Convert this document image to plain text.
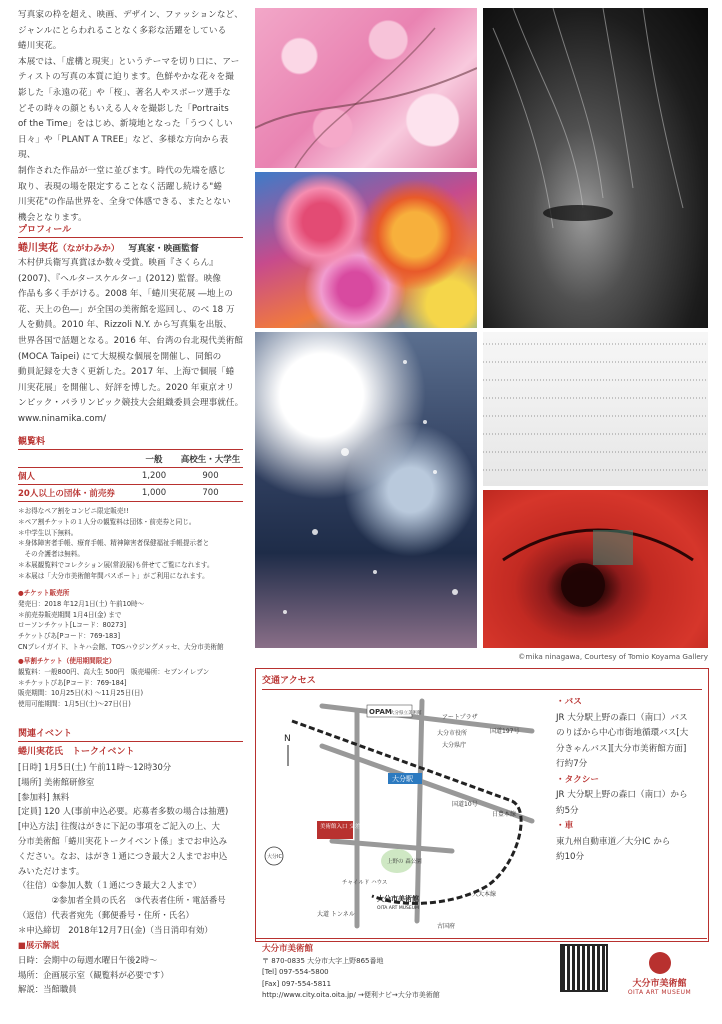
写真家の枠を超え、映画、デザイン、ファッションなど、
ジャンルにとらわれることなく多彩な活躍をしている
蜷川実花。
本展では、「虚構と現実」というテーマを切り口に、アー
ティストの写真の本質に迫ります。色鮮やかな花々を撮
影した「永遠の花」や「桜」、著名人やスポーツ選手な
どその時々の顔ともいえる人々を撮影した「Portraits
of the Time」をはじめ、新境地となった「うつくしい
日々」や「PLANT A TREE」など、多様な方向から表現、
制作された作品が一堂に並びます。時代の先端を感じ
取り、表現の場を限定することなく活躍し続ける"蜷
川実花"の作品世界を、全身で体感できる、またとない
機会となります。
プロフィール
蜷川実花（ながわみか） 写真家・映画監督
木村伊兵衛写真賞ほか数々受賞。映画『さくらん』
(2007)、『ヘルタースケルター』(2012) 監督。映像
作品も多く手がける。2008 年、「蜷川実花展 ―地上の
花、天上の色―」が全国の美術館を巡回し、のべ 18 万
人を動員。2010 年、Rizzoli N.Y. から写真集を出版、
世界各国で話題となる。2016 年、台湾の台北現代美術館
(MOCA Taipei) にて大規模な個展を開催し、同館の
動員記録を大きく更新した。2017 年、上海で個展「蜷
川実花展」を開催し、好評を博した。2020 年東京オリ
ンピック・パラリンピック競技大会組織委員会理事就任。
www.ninamika.com/
観覧料
	一般	高校生・大学生
個人	1,200	900
20人以上の団体・前売券	1,000	700
＊お得なペア割をコンビニ限定販売!!
＊ペア割チケットの１人分の観覧料は団体・前売券と同じ。
＊中学生以下無料。
＊身体障害者手帳、療育手帳、精神障害者保健福祉手帳提示者と
　その介護者は無料。
＊本展観覧料でコレクション展(常設展)も併せてご覧になれます。
＊本展は「大分市美術館年間パスポート」がご利用になれます。
●チケット販売所
発売日：2018 年12月1日(土) 午前10時～
＊前売券販売期間 1月4日(金) まで
ローソンチケット[Lコード：80273]
チケットぴあ[Pコード：769-183]
CNプレイガイド、トキハ会館、TOSハウジングメッセ、大分市美術館
●早割チケット（使用期間限定）
観覧料：一般800円、高大生 500円　販売場所：セブンイレブン
＊チケットぴあ[Pコード：769-184]
販売期間：10月25日(木) ～11月25日(日)
使用可能期間：1月5日(土)～27日(日)
関連イベント
蜷川実花氏　トークイベント
[日時] 1月5日(土) 午前11時～12時30分
[場所] 美術館研修室
[参加料] 無料
[定員] 120 人(事前申込必要。応募者多数の場合は抽選)
[申込方法] 往復はがきに下記の事項をご記入の上、大
分市美術館「蜷川実花トークイベント係」までお申込み
ください。なお、はがき１通につき最大２人までお申込
みいただけます。
（往信）①参加人数（１通につき最大２人まで）
　　　　②参加者全員の氏名　③代表者住所・電話番号
（返信）代表者宛先（郵便番号・住所・氏名）
＊申込締切　2018年12月7日(金)（当日消印有効）
■展示解説
日時：会期中の毎週水曜日午後2時～
場所：企画展示室（観覧料が必要です）
解説：当館職員
©mika ninagawa, Courtesy of Tomio Koyama Gallery
交通アクセス
N
OPAM
大分県立美術館
アートプラザ
国道197号
大分市役所
大分県庁
国道10号
大分駅
美術館入口 交差点
上野の 森公園
大分市美術館
OITA ART MUSEUM
大道 トンネル
チャイルド ハウス
古国府
久大本線
日豊本線
大分IC
・バス
JR 大分駅上野の森口（南口）バス
のりばから中心市街地循環バス[大
分きゃんバス][大分市美術館方面]
行約7分
・タクシー
JR 大分駅上野の森口（南口）から
約5分
・車
東九州自動車道／大分IC から
約10分
大分市美術館
〒 870-0835 大分市大字上野865番地
[Tel] 097-554-5800
[Fax] 097-554-5811
http://www.city.oita.oita.jp/ →便利ナビ→大分市美術館
大分市美術館
OITA ART MUSEUM
